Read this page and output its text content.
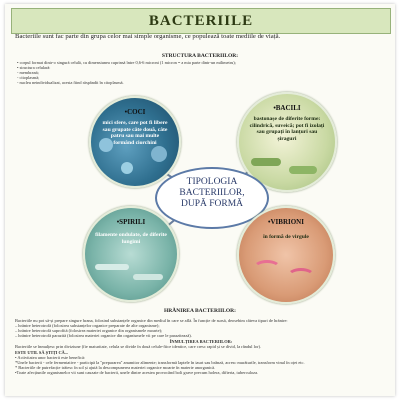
BACTERIILE
Bacteriile sunt fac parte din grupa celor mai simple organisme, ce populează toate mediile de viață.
STRUCTURA BACTERIILOR:
• corpul format dintr-o singură celulă, cu dimensiunea cuprinsă între 0,6-6 microni (1 micron = a mia parte dintr-un milimetru);
• structura celulară:
- membrană;
- citoplasmă;
- nucleu neindividualizat, acesta fiind răspândit în citoplasmă.
•COCI
mici sfere, care pot fi libere sau grupate câte două, câte patru sau mai multe formând ciorchini
•BACILI
bastonașe de diferite forme: cilindrică, suveică; pot fi izolați sau grupați în lanțuri sau șiraguri
TIPOLOGIA
BACTERIILOR,
DUPĂ FORMĂ
•SPIRILI
filamente ondulate, de diferite lungimi
•VIBRIONI
în formă de virgule
HRĂNIREA BACTERIILOR:
Bacteriile nu pot să-și prepare singure hrana, folosind substanțele organice din mediul în care se află. În funcție de sursă, deosebim câteva tipuri de hrănire:
– hrănire heterotrofă (folosirea substanțelor organice preparate de alte organisme);
– hrănire heterotrofă saprofită (folosirea materiei organice din organismele moarte);
– hrănire heterotrofă parazită (folosirea materiei organice din organismele vii pe care le parazitează).
ÎNMULȚIREA BACTERIILOR:
Bacteriile se înmulțesc prin diviziune (fie maturitate, celula se divide în două celule-fiice identice, care cresc rapid și se divid, la rândul lor).
ESTE UTIL SĂ ȘTIȚI CĂ...
• Activitatea unor bacterii este benefică:
*Unele bacterii - cele fermentative - participă la "prepararea" anumitor alimente; transformă laptele în iaurt sau brânză, acresc murăturile, transform vinul în oțet etc.
* Bacteriile de putrefacție trăiesc în sol și ajută la descompunerea materiei organice moarte în materie anorganică.
•Toate afecțiunile organismelor vii sunt cauzate de bacterii, unele dintre acestea provocând boli grave precum holera, difteria, tuberculoza.
